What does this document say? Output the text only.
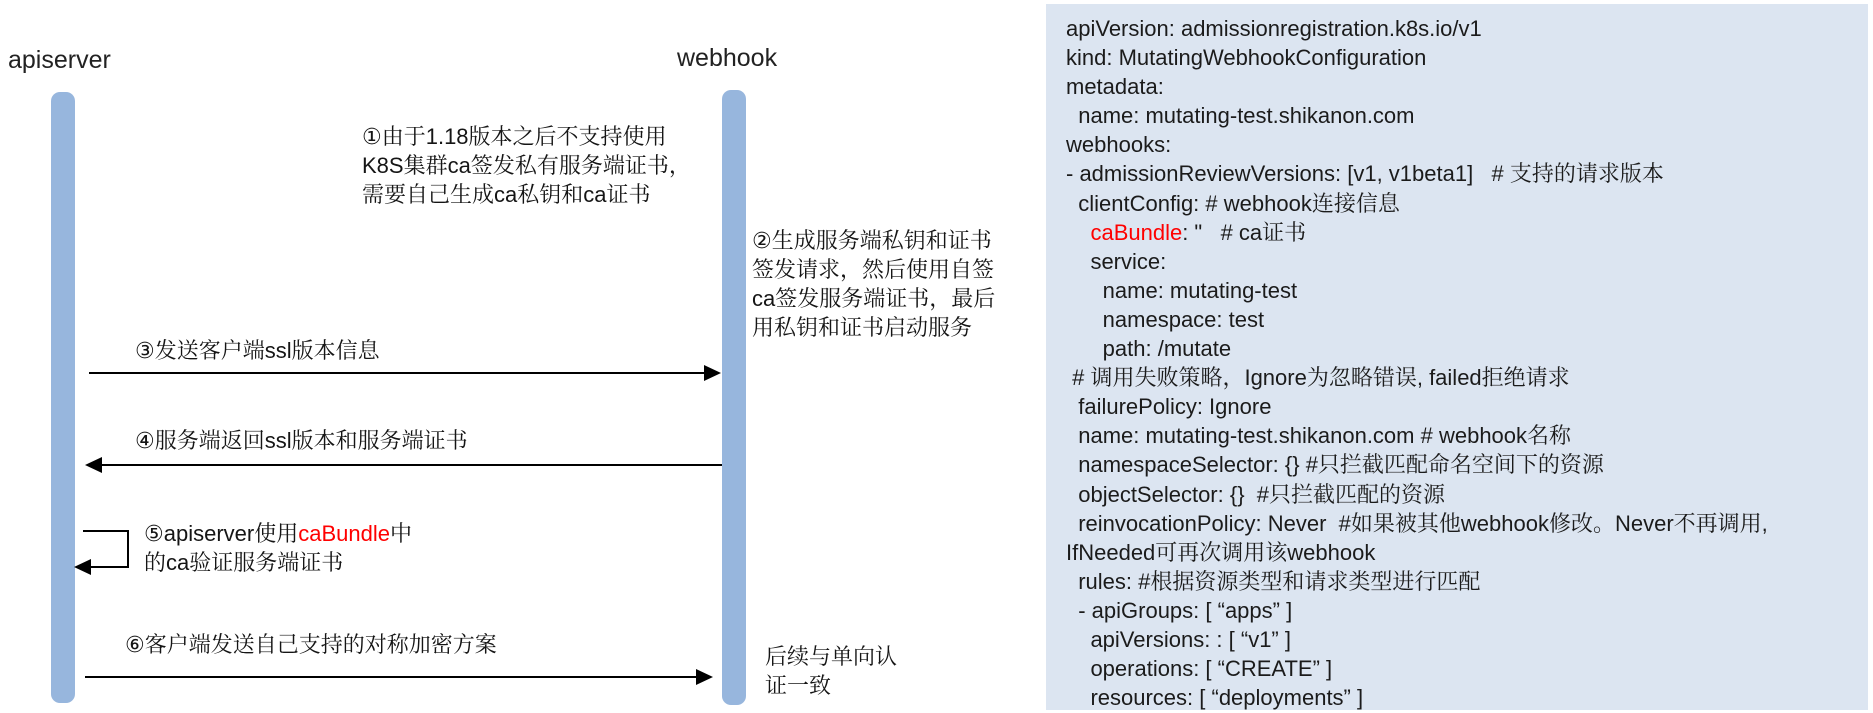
apiserver	webhook
①由于1.18版本之后不支持使用
K8S集群ca签发私有服务端证书，
需要自己生成ca私钥和ca证书
②生成服务端私钥和证书
签发请求，然后使用自签
ca签发服务端证书，最后
用私钥和证书启动服务
③发送客户端ssl版本信息
④服务端返回ssl版本和服务端证书
⑤apiserver使用caBundle中
的ca验证服务端证书
⑥客户端发送自己支持的对称加密方案	后续与单向认
证一致
apiVersion: admissionregistration.k8s.io/v1
kind: MutatingWebhookConfiguration
metadata:
name: mutating-test.shikanon.com
webhooks:
- admissionReviewVersions: [v1, v1beta1]   # 支持的请求版本
clientConfig: # webhook连接信息
caBundle: "   # ca证书
service:
name: mutating-test
namespace: test
path: /mutate
# 调用失败策略，Ignore为忽略错误, failed拒绝请求
failurePolicy: Ignore
name: mutating-test.shikanon.com # webhook名称
namespaceSelector: {} #只拦截匹配命名空间下的资源
objectSelector: {}  #只拦截匹配的资源
reinvocationPolicy: Never  #如果被其他webhook修改。Never不再调用,
IfNeeded可再次调用该webhook
rules: #根据资源类型和请求类型进行匹配
- apiGroups: [ “apps” ]
apiVersions: : [ “v1” ]
operations: [ “CREATE” ]
resources: [ “deployments” ]
